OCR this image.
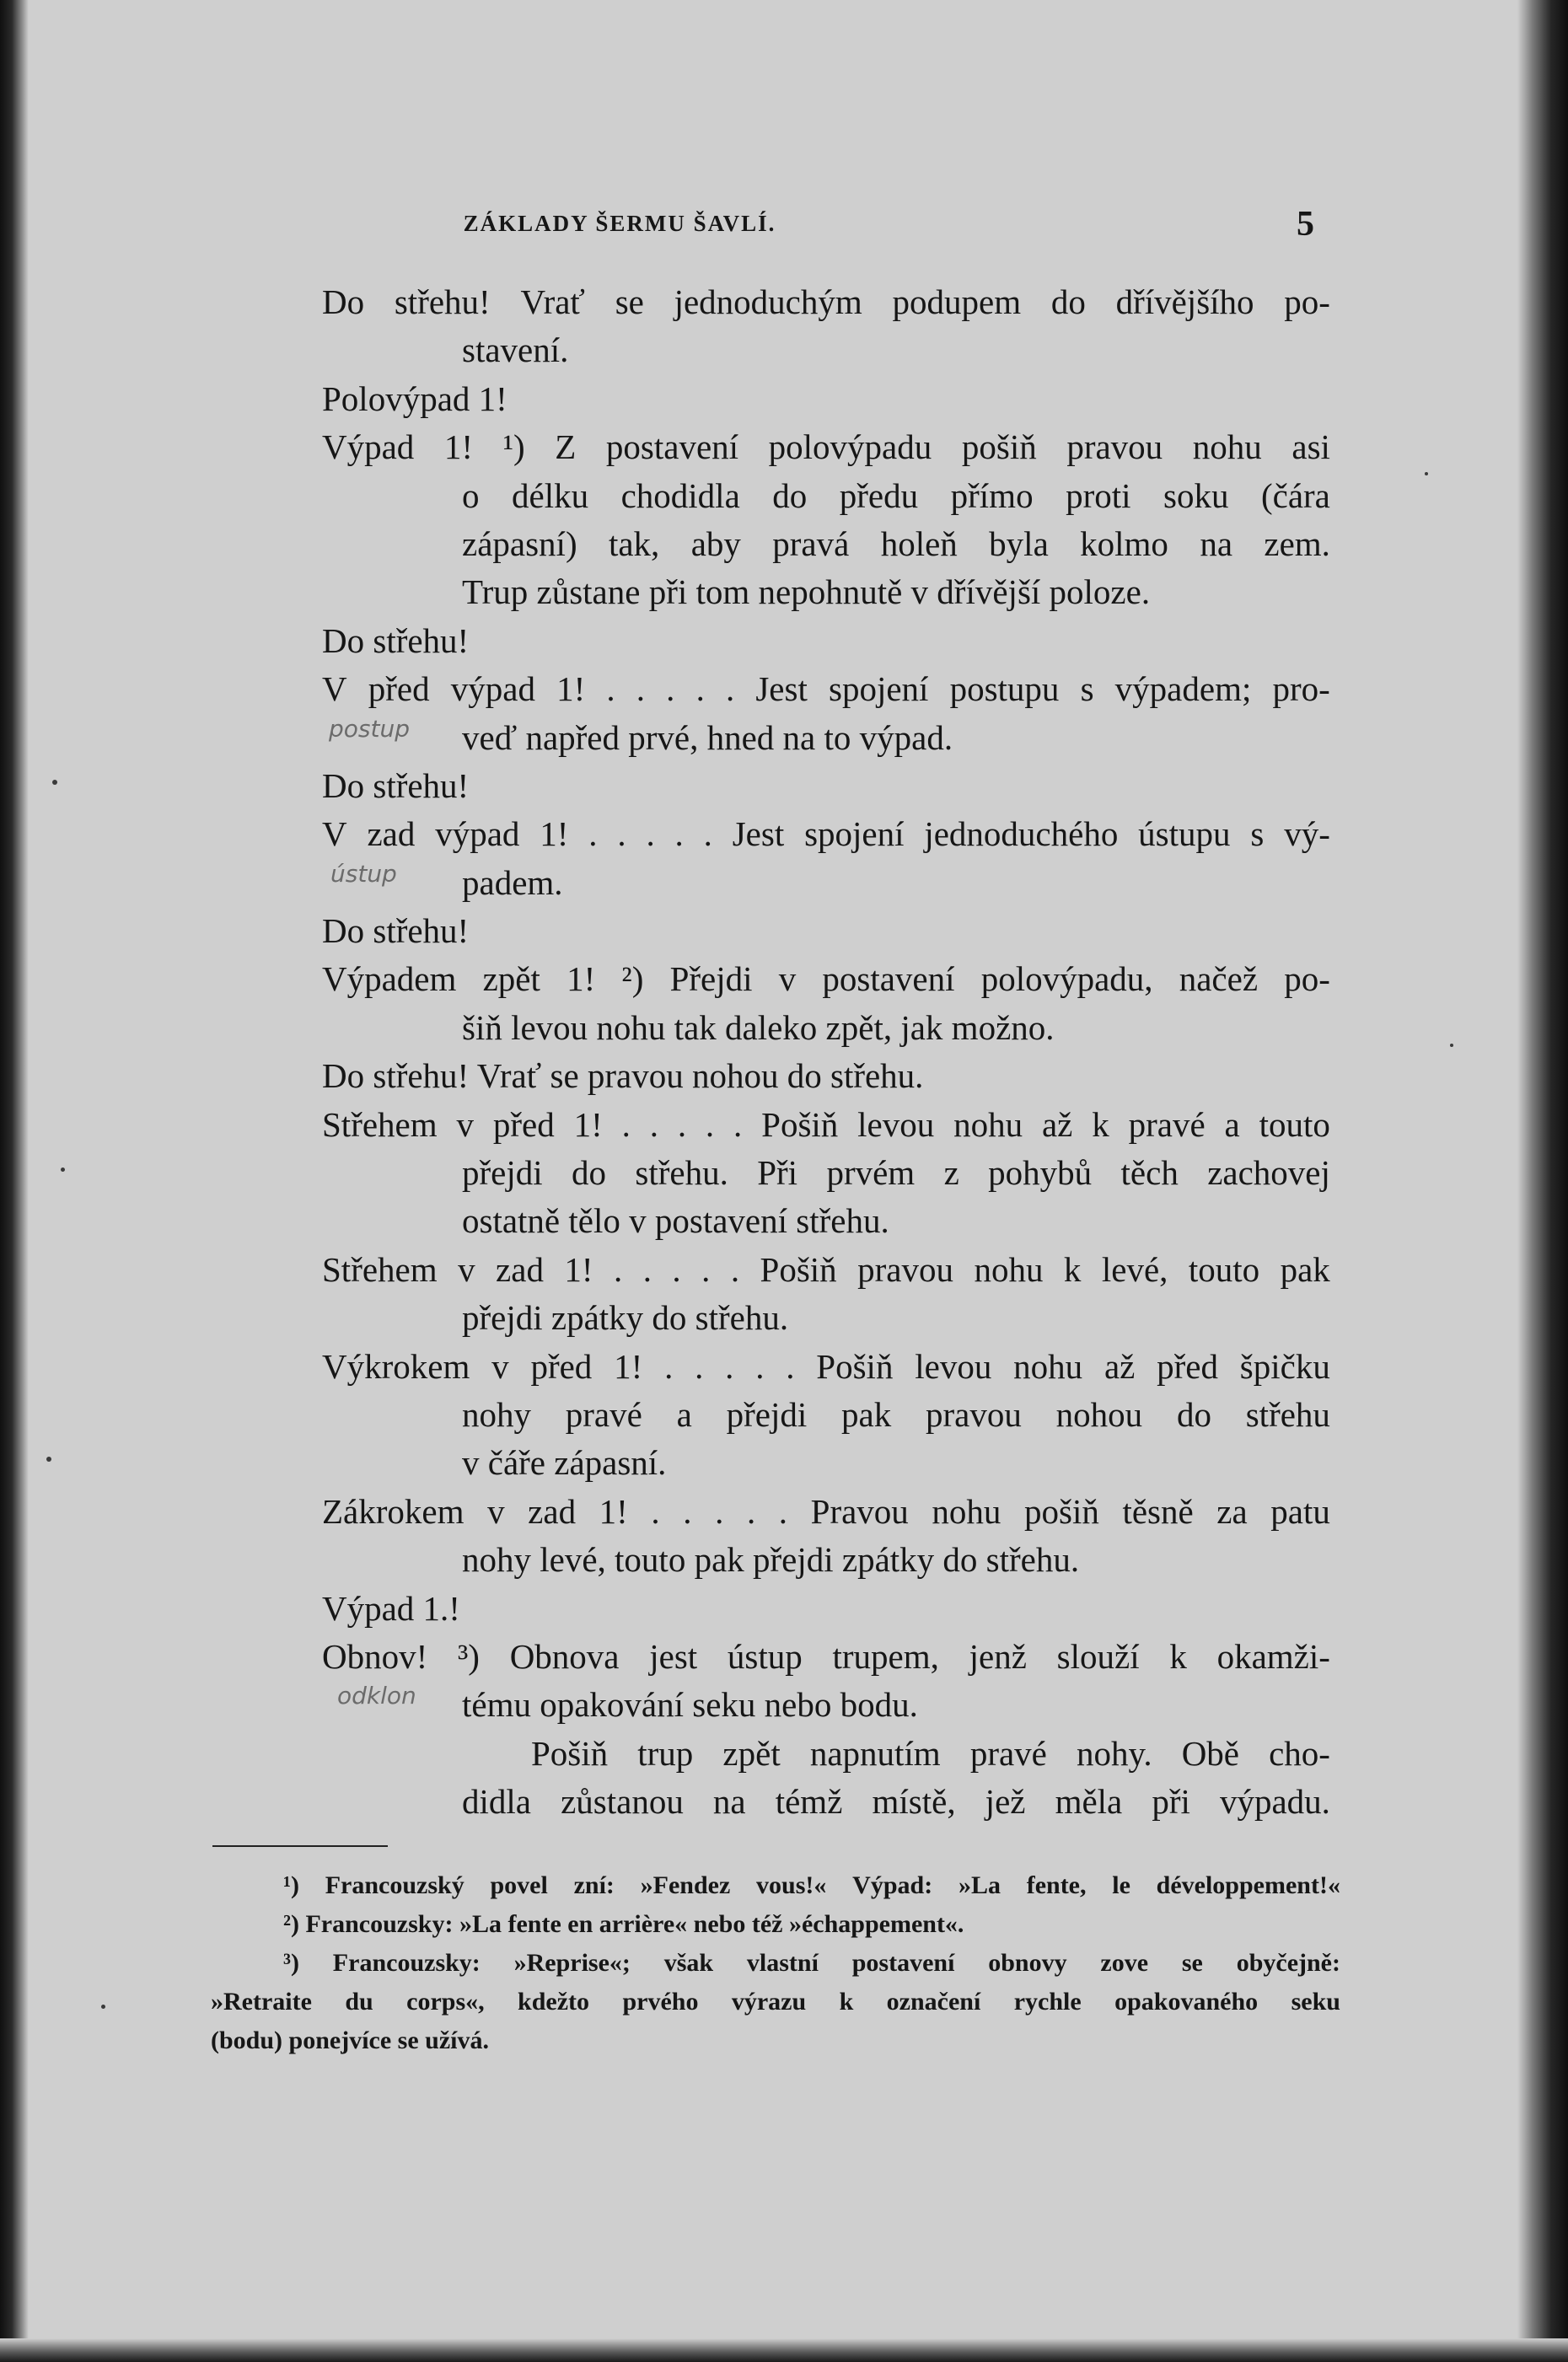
ZÁKLADY ŠERMU ŠAVLÍ.	5
Do střehu! Vrať se jednoduchým podupem do dřívějšího po-
stavení.
Polovýpad 1!
Výpad 1! ¹) Z postavení polovýpadu pošiň pravou nohu asi
o délku chodidla do předu přímo proti soku (čára
zápasní) tak, aby pravá holeň byla kolmo na zem.
Trup zůstane při tom nepohnutě v dřívější poloze.
Do střehu!
V před výpad 1! . . . . . Jest spojení postupu s výpadem; pro-
veď napřed prvé, hned na to výpad.
Do střehu!
V zad výpad 1! . . . . . Jest spojení jednoduchého ústupu s vý-
padem.
Do střehu!
Výpadem zpět 1! ²) Přejdi v postavení polovýpadu, načež po-
šiň levou nohu tak daleko zpět, jak možno.
Do střehu! Vrať se pravou nohou do střehu.
Střehem v před 1! . . . . . Pošiň levou nohu až k pravé a touto
přejdi do střehu. Při prvém z pohybů těch zachovej
ostatně tělo v postavení střehu.
Střehem v zad 1! . . . . . Pošiň pravou nohu k levé, touto pak
přejdi zpátky do střehu.
Výkrokem v před 1! . . . . . Pošiň levou nohu až před špičku
nohy pravé a přejdi pak pravou nohou do střehu
v čáře zápasní.
Zákrokem v zad 1! . . . . . Pravou nohu pošiň těsně za patu
nohy levé, touto pak přejdi zpátky do střehu.
Výpad 1.!
Obnov! ³) Obnova jest ústup trupem, jenž slouží k okamži-
tému opakování seku nebo bodu.
Pošiň trup zpět napnutím pravé nohy. Obě cho-
didla zůstanou na témž místě, jež měla při výpadu.
¹) Francouzský povel zní: »Fendez vous!« Výpad: »La fente, le développement!«
²) Francouzsky: »La fente en arrière« nebo též »échappement«.
³) Francouzsky: »Reprise«; však vlastní postavení obnovy zove se obyčejně:
»Retraite du corps«, kdežto prvého výrazu k označení rychle opakovaného seku
(bodu) ponejvíce se užívá.
postup
ústup
odklon
